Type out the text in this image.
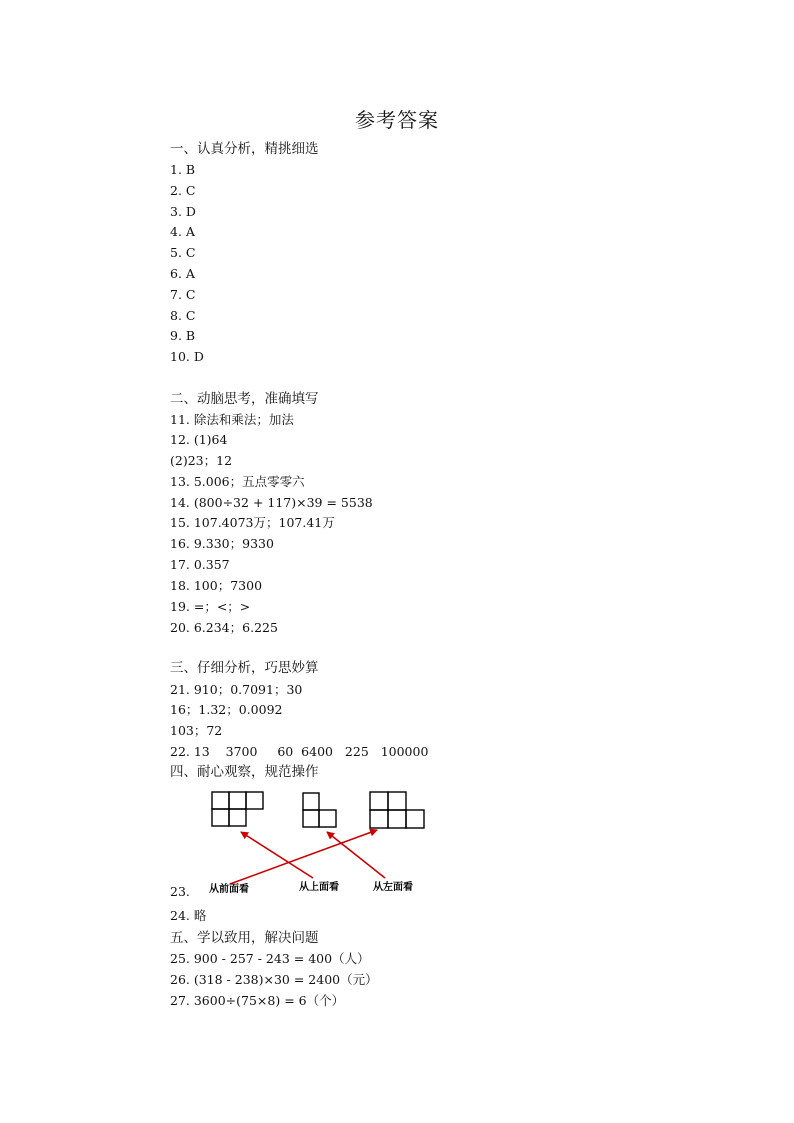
参考答案
一、认真分析，精挑细选
1. B
2. C
3. D
4. A
5. C
6. A
7. C
8. C
9. B
10. D
二、动脑思考，准确填写
11. 除法和乘法；加法
12. (1)64
(2)23；12
13. 5.006；五点零零六
14. (800÷32 + 117)×39 = 5538
15. 107.4073万；107.41万
16. 9.330；9330
17. 0.357
18. 100；7300
19. =；<；>
20. 6.234；6.225
三、仔细分析，巧思妙算
21. 910；0.7091；30
16；1.32；0.0092
103；72
22. 13    3700     60  6400   225   100000
四、耐心观察，规范操作
23. 从前面看	从上面看	从左面看
24. 略
五、学以致用，解决问题
25. 900 - 257 - 243 = 400（人）
26. (318 - 238)×30 = 2400（元）
27. 3600÷(75×8) = 6（个）
